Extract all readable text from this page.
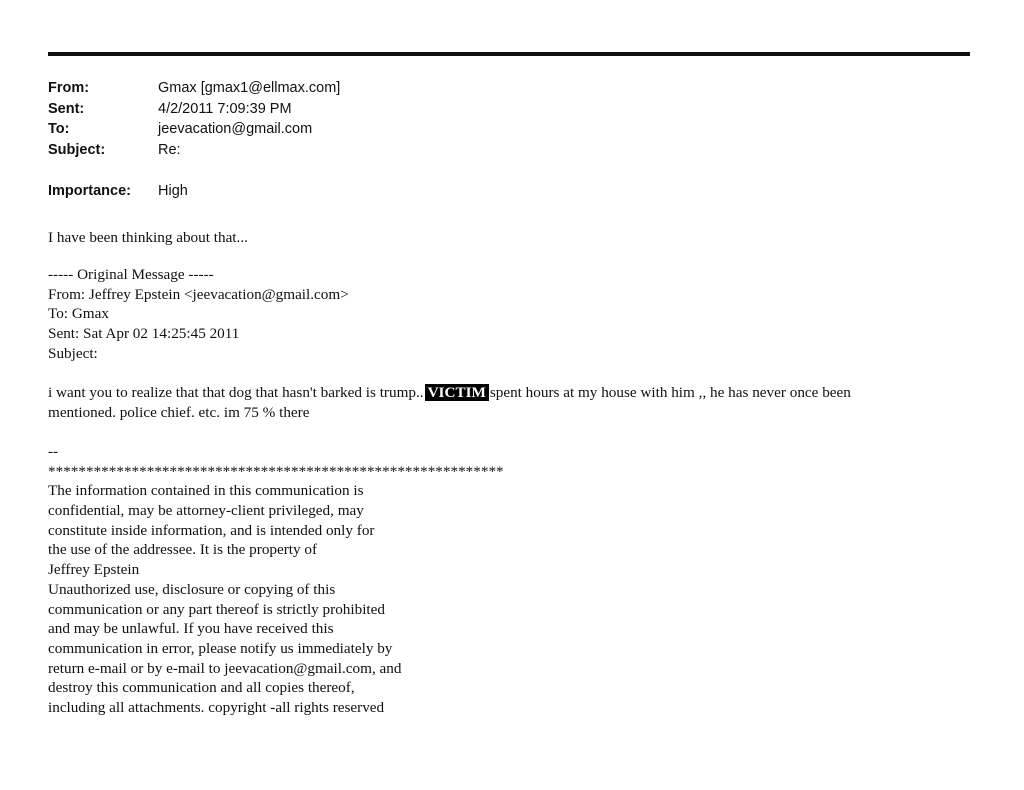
From:	Gmax [gmax1@ellmax.com]
Sent:	4/2/2011 7:09:39 PM
To:	jeevacation@gmail.com
Subject:	Re:
Importance: High
I have been thinking about that...
----- Original Message -----
From: Jeffrey Epstein <jeevacation@gmail.com>
To: Gmax
Sent: Sat Apr 02 14:25:45 2011
Subject:
i want you to realize that that dog that hasn't barked is trump.. VICTIM spent hours at my house with him ,, he has never once been
mentioned. police chief. etc. im 75 % there
--
************************************************************
The information contained in this communication is
confidential, may be attorney-client privileged, may
constitute inside information, and is intended only for
the use of the addressee. It is the property of
Jeffrey Epstein
Unauthorized use, disclosure or copying of this
communication or any part thereof is strictly prohibited
and may be unlawful. If you have received this
communication in error, please notify us immediately by
return e-mail or by e-mail to jeevacation@gmail.com, and
destroy this communication and all copies thereof,
including all attachments. copyright -all rights reserved
